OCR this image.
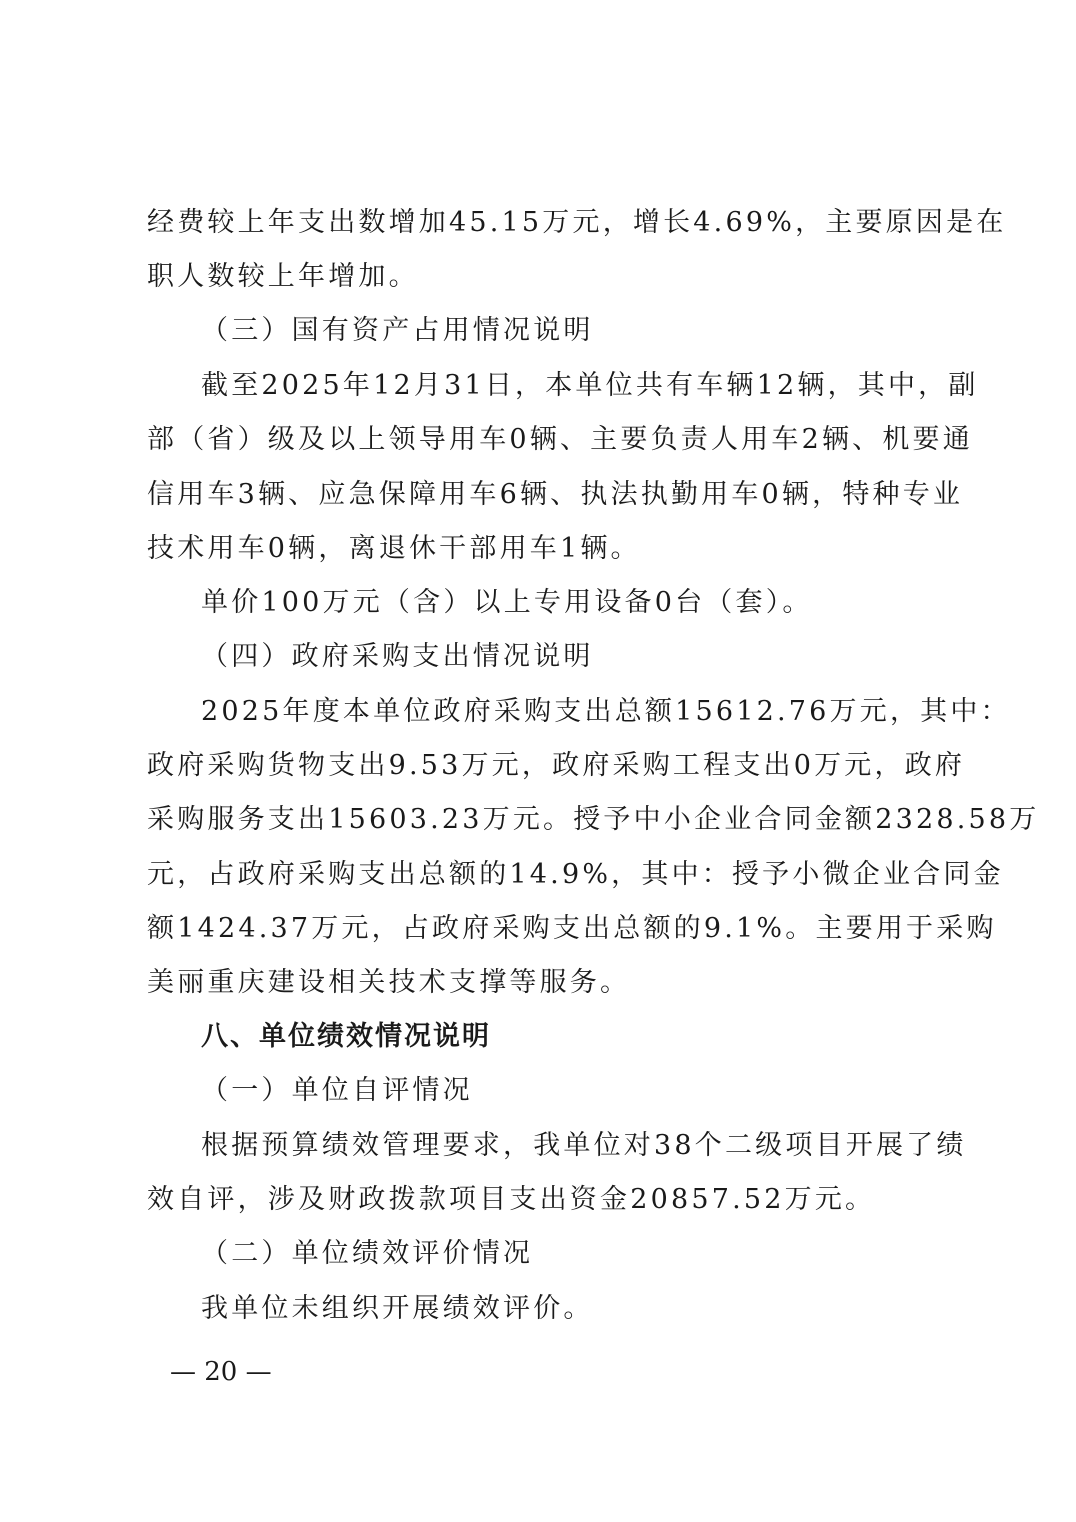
经费较上年支出数增加45.15万元，增长4.69%，主要原因是在
职人数较上年增加。
（三）国有资产占用情况说明
截至2025年12月31日，本单位共有车辆12辆，其中，副
部（省）级及以上领导用车0辆、主要负责人用车2辆、机要通
信用车3辆、应急保障用车6辆、执法执勤用车0辆，特种专业
技术用车0辆，离退休干部用车1辆。
单价100万元（含）以上专用设备0台（套）。
（四）政府采购支出情况说明
2025年度本单位政府采购支出总额15612.76万元，其中：
政府采购货物支出9.53万元，政府采购工程支出0万元，政府
采购服务支出15603.23万元。授予中小企业合同金额2328.58万
元，占政府采购支出总额的14.9%，其中：授予小微企业合同金
额1424.37万元，占政府采购支出总额的9.1%。主要用于采购
美丽重庆建设相关技术支撑等服务。
八、单位绩效情况说明
（一）单位自评情况
根据预算绩效管理要求，我单位对38个二级项目开展了绩
效自评，涉及财政拨款项目支出资金20857.52万元。
（二）单位绩效评价情况
我单位未组织开展绩效评价。
— 20 —
